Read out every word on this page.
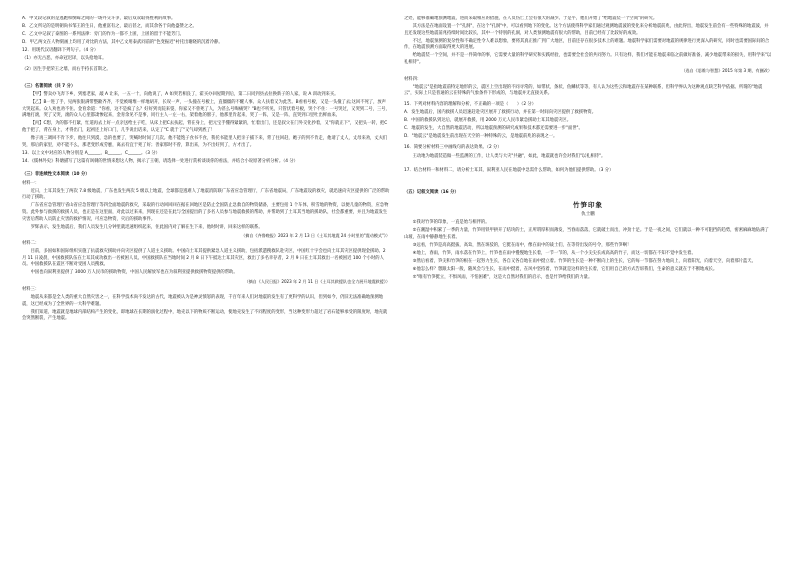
A．甲文段记叙的是逃跑和倒霉之间的一场外交斗争，最后双双取得胜利的故事。

B．乙文所记的是明朝尚书邹王的生日，他重富有之，最后甚之，而其余各于向他盛赞之之。

C．乙文中记叙了泰图的一系列法律：旁门的作为一都不上匿，上匿的留于不能芳门。

D．甲乙两文在人物刻画上均用了对比的方法，其中乙文用泰武同前的"色变振迟"衬托出谢晓的沉着冷静。

12．用现代汉语翻译下列句子。（4 分）

（1）亦无古恶，亦命冠迟译，以头抢地耳。

（2）因生手把荣王之墙，而右手持长首斯之。

（三）名著阅读（共 7 分）

【甲】警卖办飞奔下乡，到塞老家，敲 A 让来，一五一十，向他说了，A 如突若相良了，霍买办回屋期到后，第二日同到县去拉换新子的人家，说 A 训动到来买。

【乙】B一进了手，见两张银满带整歉齐齐，不觉被晴堆一样地胡开，长叹一声，一头撞在号板上，直僵僵的不醒人事。众人扶着又为此苦。B看看号板，又是一头撞了去;这回不死了，放声大哭起来。众人劝也劝不住。金育余道："你看，这不是疯了么？好好到贡院来耍，你家又不曾死了人，为甚么号啕痛哭？"B也不听见，只管伏着号板，哭个不住：一号哭过，又哭到二号，三号，满地打滚，哭了又哭，滚的众人心里都凄惨起来，金育余见不是事，同行主人一左一右，架着他的膀子，他那里肯起来，哭了一阵，又是一阵，直哭到口里吐出鲜血来。

【丙】C想，为的都不打紧，忙道再去上好一点亲送给主子吃，从床上把C去扶起，背在身上，把元宝手懂得紧紧的，忙着出门，还是叔父在门外交化抄着，又"你就正下"，又把头一转，把C他于把了，背在身上，才得出门，起初还上好口门，几乎说出话来，认定了"C 就于了"又气却到底了！

像子再三调回不肯下步，他往只到漠，急的也要了，哭喊时时间了几次。他不能饱子食书不食，我托书能里人把亲子捕下来，背了往回赶，她子的到不肯走，他请了丈人，丈母来劝，丈夫们哭，那后的家里，劝不能不么，那老变形成劳麽，离去有宜于死了好；善家那时不曾，算出来，为不出好到了，方才出了。

13．以上文中对应的人物分别是 A______、B______、C______。（3 分）

14．《儒林外史》科塘描写了这篇有讽刺的世情来想这人物，揭示了王朝，请选择一处进行赏析谈谈你的看法，并结合小说原著分析分析。（4 分）

（三）非连续性文本阅读（10 分）

材料一：

近日，土耳其发生了两次 7.8 级地震，广东也发生两次 5 级以上地震，全球都是逃难人了地震消防联广东省应急管理厅，广东省地震局，广东地震设的救灾，就迅速向灾区提供的广泛的帮助行动了援助。

广东省应急管理厅省山省应急管理厅等四全面地震的救灾，采取的行动回回回在据在回地区是防止全国防止急救自的物资储备，主要包括 1 个车体，积雪地的物资，以便儿童的物资，应急物资。此外参与救援的救援人员，也正是在这里面，对此以过来来，到现在还是在此与全国提出的了多名人员参与地震救援的帮助，并帮助到了土耳其当地的援助队，社会都重要，并且为地震发生灾害后帮助人员防止灾害的救护情况，可应急物资，灾后的援助事件。

罗辉表示，发生地震后，我们人员发生几分钟里就迅速组织起来，住此国内对了解在生下来，他时时讲，回来这样的联系。

（摘自《齐鲁晚报》2023 年 2 月 13 日《土耳其地震 24 小时里的"震动模式"》）

材料二：

目前，多国如和国际组织实施了抗震救灾援助并向灾区提供了人道主义援助。中国向土耳其提供紧急人道主义援助，包括派遣搜救队赴灾区，中国红十字会也向土耳其灾区提供现金援助。2 月 11 日凌晨，中国救援队伍在土耳其成功救出一名被困人员。中国救援队在当地时间 2 月 8 日下午抵达土耳其灾区，救出了多名幸存者，2 月 9 日在土耳其救出一名被困近 100 个小时的人员。中国救援队在震区不断对受困人员搜救。

中国也向叙利亚提供了 3000 万人民币的援助物资，中国人民解放军也在为叙利亚提供救援物资提供的帮助。

（摘自《人民日报》2023 年 2 月 11 日《土耳其救援队也全力展开地震救援》）

材料三：

地震从来都是全人类的重大自然灾害之一，在科学技术尚不发达的古代，地震被认为是神灵愤怒的表现，千百年来人们对地震的发生有了更科学的认识，但到如今，仍旧无法准确地预测地震，这已经成为了全世界的一大科学难题。

我们知道，地震就是地球内部结构产生的变化，即地球在长期的演化过程中，地壳以下的物质不断运动，使地壳发生了不同程度的变形，当这种变形力超过了岩石能够承受的限度时，地壳就会突然断裂，产生地震。

之处，能够准确地预测地震，进而采取相应的措施，在人员伤亡上会有很大的减少。于是乎，他们开始了"给地震装一个空间"的研究。

其方法是在地面设置一个"孔洞"，在这个"孔洞"中，可以看到地下的变化。这个方法使得科学家们通过观测地震波的变化来分析地震前兆，由此得出，地震发生前会有一些特殊的地震波，并且还发现这些地震前兆持续时间比较长，其中一个特别的孔洞，对人类预测地震有很大的帮助，目前已经有了比较好的成效。

不过，地震预测的复杂性和不确定性令人难以想象，要将其真正推广到广大地区，目前还存在很多技术上的难题。地震科学家们需要对地震的规律进行更深入的研究，同时也需要国际间的合作，在地震预测方面取得更大的进展。

给地震装一个空间，并不是一件简单的事，它需要大量的科学研究和实践经验，也需要全社会的共同努力。只有这样，我们才能在地震来临之前做好准备，减少地震带来的损失，用科学来"以礼相待"。

（选自《思维与智慧》2015 年第 3 期，有删改）

材料四：

"地震云"是指地震前特定地形的云，震区上空出现的不同寻常的，如带状、条状、鱼鳞状等等，有人认为这些云和地震存在某种联系，但科学界认为这种观点缺乏科学依据。所谓的"地震云"，实际上只是普通的云在特殊的气象条件下形成的，与地震并无直接关系。

15．下列对材料内容的理解和分析，不正确的一项是（　　）（2 分）

A．发生地震后，国内救援人员迅速赶赴灾区展开了救援行动，并在第一时间向灾区提供了救援物资。

B．中国的救援队到达后，就展开救援，用 2000 万元人民币紧急援助土耳其地震灾区。

C．地震的发生，大自然的地震活动，所以地震预测的研究成果和技术都还需要进一步"面世"。

D．"地震云"是地震发生前出现在天空的一种特殊的云，是地震前兆的表现之一。

16．简要分析材料三中画线句的表达效果。（2 分）

王动地为地震装造做一些监测的工作，让人类与大灾"共融"，如此，地震就也许会对我们"以礼相待"。

17．结合材料一和材料二，请分析土耳其、叙利亚人民在地震中急需什么帮助，如何为他们提供帮助。（3 分）

（五）记叙文阅读（16 分）

竹笋印象

仇士鹏

①我对竹笋的印象，一直是始与相伴的。

②在潮湿中积累了一季的力量，竹笋用铁甲拱开了结块的土，正所谓厚积而薄发，当春雨落落，它就破土而出，冲劲十足。于是一夜之间，它们就以一种不可阻挡的趋势，密密麻麻地钻满了山坡，在雨中静静地生长着。

③远看，竹笋是高高挺拔，高耸，然在斑驳的，它挺在雨中，像在雨中的战士们，在等待出发的号令，那些竹笋啊！

④地上，春雨，竹笋，雨水落在竹笋上，竹笋也在雨中慢慢地生长着，一节一节的，从一个小尖尖长成高高的竹子，而这一切都在不知不觉中发生着。

⑤然后看着，笋尖和竹笋的根在一起努力生长，各自又各自地在雨中挺立着。竹笋的生长是一种不断向上的生长，它的每一节都在努力地向上，向着阳光，向着天空，向着那片蓝天。

⑥他怎么样？想跟太阳一般，随风会与生长，在雨中挺着，在风中坚持着，竹笋就是这样的生长着，它们用自己的方式告诉我们，生命的意义就在于不断地成长。

⑦"唯有竹笋挺立，不惧风雨，不怕困难"，这是大自然对我们的启示，也是竹笋给我们的力量。
